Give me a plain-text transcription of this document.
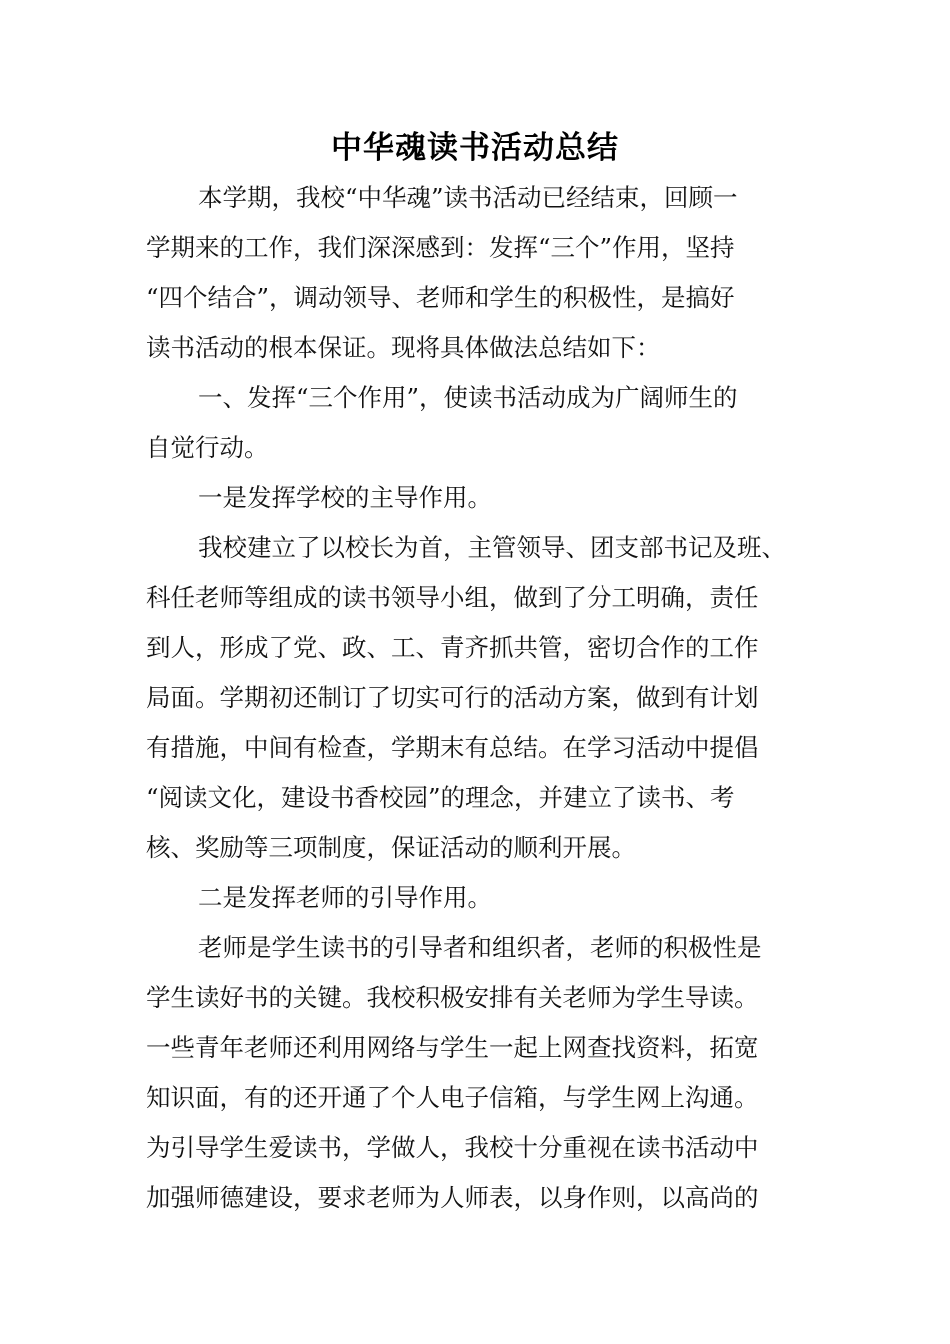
中华魂读书活动总结
本学期，我校“中华魂”读书活动已经结束，回顾一
学期来的工作，我们深深感到：发挥“三个”作用，坚持
“四个结合”，调动领导、老师和学生的积极性，是搞好
读书活动的根本保证。现将具体做法总结如下：
一、发挥“三个作用”，使读书活动成为广阔师生的
自觉行动。
一是发挥学校的主导作用。
我校建立了以校长为首，主管领导、团支部书记及班、
科任老师等组成的读书领导小组，做到了分工明确，责任
到人，形成了党、政、工、青齐抓共管，密切合作的工作
局面。学期初还制订了切实可行的活动方案，做到有计划
有措施，中间有检查，学期末有总结。在学习活动中提倡
“阅读文化，建设书香校园”的理念，并建立了读书、考
核、奖励等三项制度，保证活动的顺利开展。
二是发挥老师的引导作用。
老师是学生读书的引导者和组织者，老师的积极性是
学生读好书的关键。我校积极安排有关老师为学生导读。
一些青年老师还利用网络与学生一起上网查找资料，拓宽
知识面，有的还开通了个人电子信箱，与学生网上沟通。
为引导学生爱读书，学做人，我校十分重视在读书活动中
加强师德建设，要求老师为人师表，以身作则，以高尚的
